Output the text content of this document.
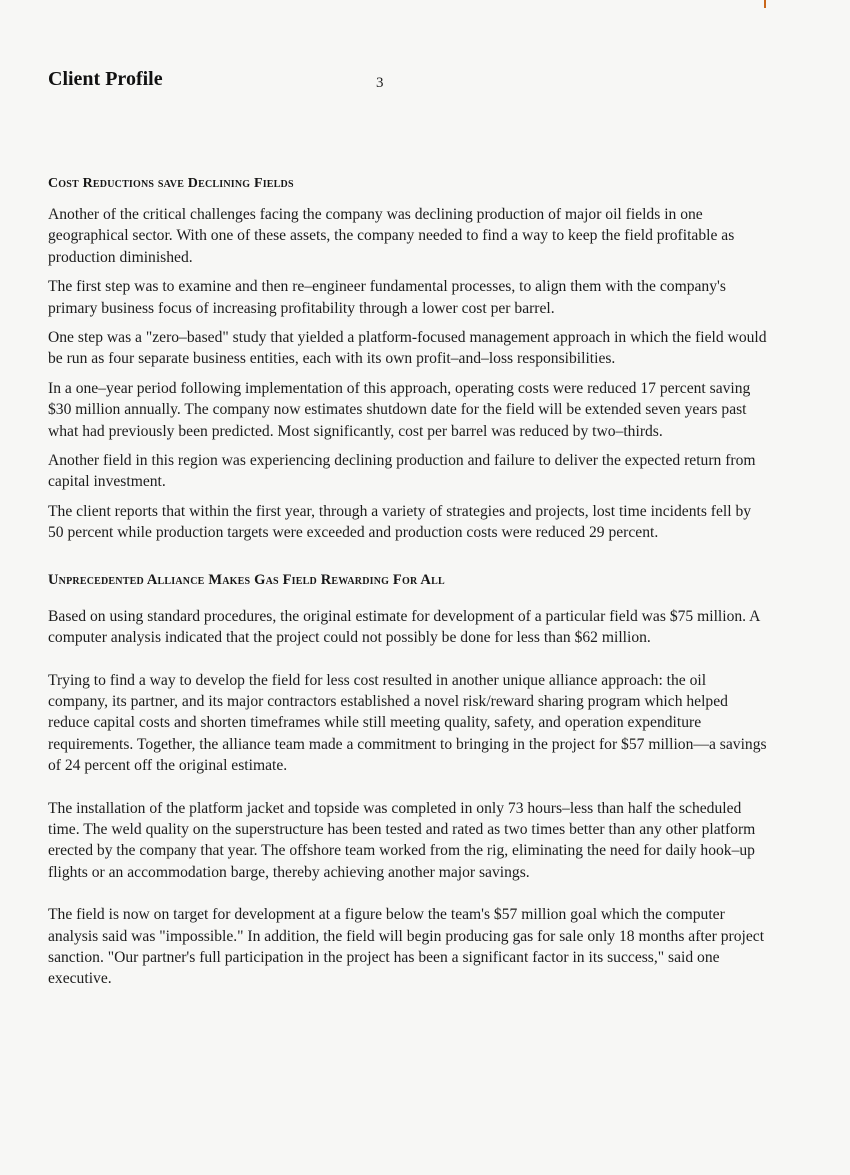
Client Profile	3
Cost Reductions save Declining Fields

Another of the critical challenges facing the company was declining production of major oil fields in one geographical sector. With one of these assets, the company needed to find a way to keep the field profitable as production diminished.

The first step was to examine and then re–engineer fundamental processes, to align them with the company's primary business focus of increasing profitability through a lower cost per barrel.

One step was a "zero–based" study that yielded a platform-focused management approach in which the field would be run as four separate business entities, each with its own profit–and–loss responsibilities.

In a one–year period following implementation of this approach, operating costs were reduced 17 percent saving $30 million annually. The company now estimates shutdown date for the field will be extended seven years past what had previously been predicted. Most significantly, cost per barrel was reduced by two–thirds.

Another field in this region was experiencing declining production and failure to deliver the expected return from capital investment.

The client reports that within the first year, through a variety of strategies and projects, lost time incidents fell by 50 percent while production targets were exceeded and production costs were reduced 29 percent.

Unprecedented Alliance Makes Gas Field Rewarding For All

Based on using standard procedures, the original estimate for development of a particular field was $75 million. A computer analysis indicated that the project could not possibly be done for less than $62 million.

Trying to find a way to develop the field for less cost resulted in another unique alliance approach: the oil company, its partner, and its major contractors established a novel risk/reward sharing program which helped reduce capital costs and shorten timeframes while still meeting quality, safety, and operation expenditure requirements. Together, the alliance team made a commitment to bringing in the project for $57 million—a savings of 24 percent off the original estimate.

The installation of the platform jacket and topside was completed in only 73 hours–less than half the scheduled time. The weld quality on the superstructure has been tested and rated as two times better than any other platform erected by the company that year. The offshore team worked from the rig, eliminating the need for daily hook–up flights or an accommodation barge, thereby achieving another major savings.

The field is now on target for development at a figure below the team's $57 million goal which the computer analysis said was "impossible." In addition, the field will begin producing gas for sale only 18 months after project sanction. "Our partner's full participation in the project has been a significant factor in its success," said one executive.
